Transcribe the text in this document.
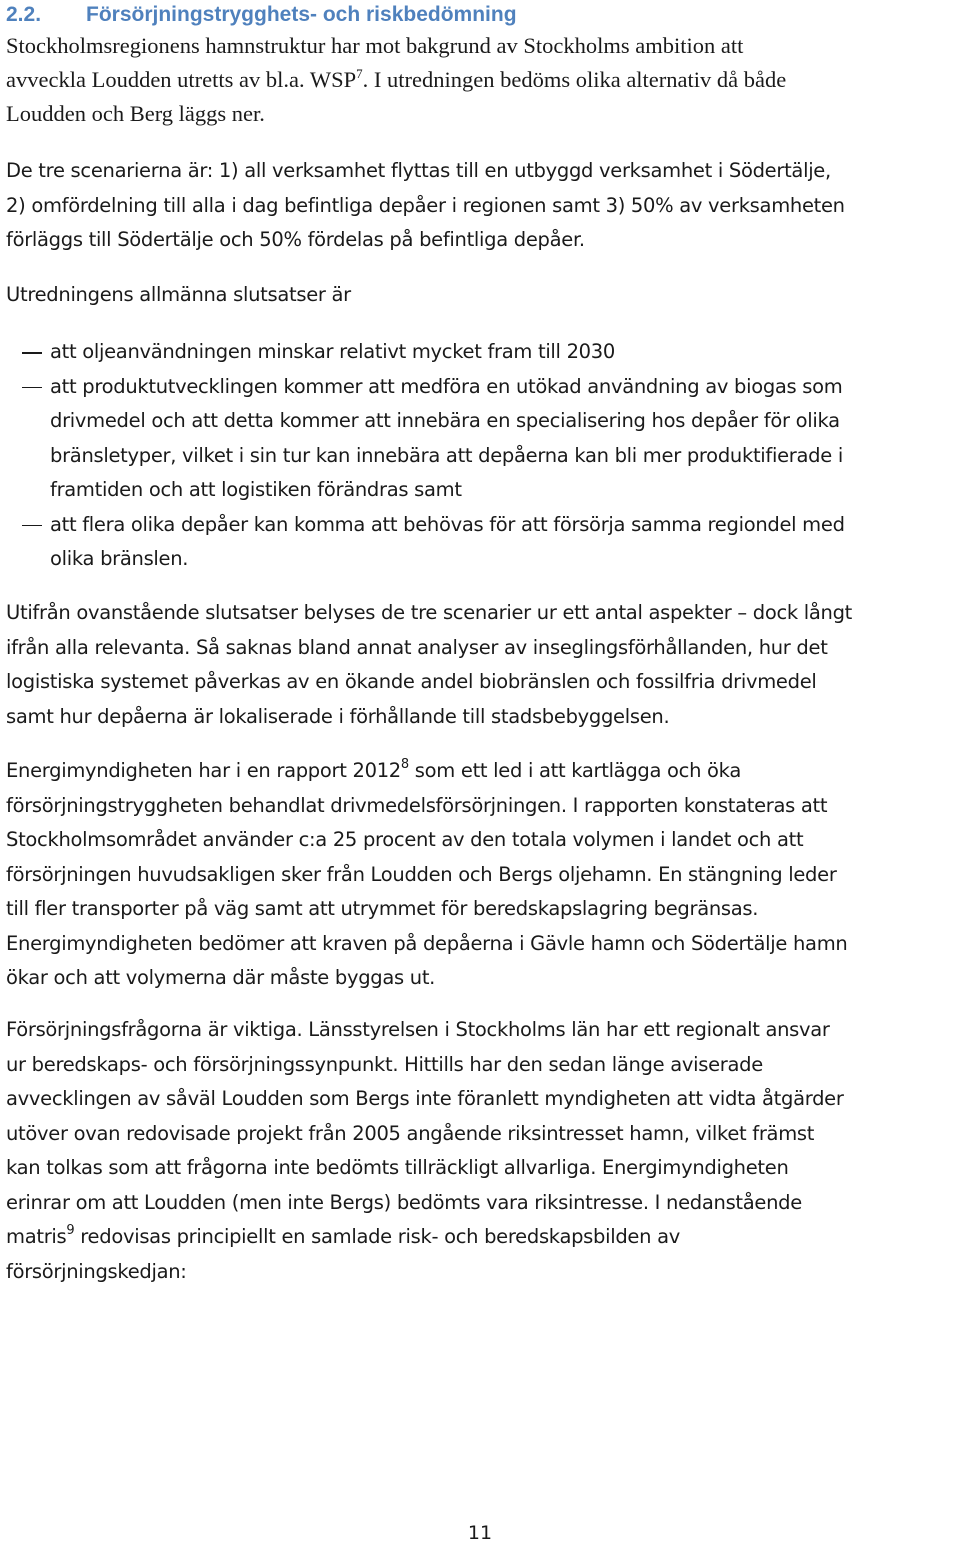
2.2. Försörjningstrygghets- och riskbedömning
Stockholmsregionens hamnstruktur har mot bakgrund av Stockholms ambition att
avveckla Loudden utretts av bl.a. WSP$^7$. I utredningen bedöms olika alternativ då både
Loudden och Berg läggs ner.
De tre scenarierna är: 1) all verksamhet flyttas till en utbyggd verksamhet i Södertälje,
2) omfördelning till alla i dag befintliga depåer i regionen samt 3) 50% av verksamheten
förläggs till Södertälje och 50% fördelas på befintliga depåer.
Utredningens allmänna slutsatser är
att oljeanvändningen minskar relativt mycket fram till 2030
att produktutvecklingen kommer att medföra en utökad användning av biogas som
drivmedel och att detta kommer att innebära en specialisering hos depåer för olika
bränsletyper, vilket i sin tur kan innebära att depåerna kan bli mer produktifierade i
framtiden och att logistiken förändras samt
att flera olika depåer kan komma att behövas för att försörja samma regiondel med
olika bränslen.
Utifrån ovanstående slutsatser belyses de tre scenarier ur ett antal aspekter – dock långt
ifrån alla relevanta. Så saknas bland annat analyser av inseglingsförhållanden, hur det
logistiska systemet påverkas av en ökande andel biobränslen och fossilfria drivmedel
samt hur depåerna är lokaliserade i förhållande till stadsbebyggelsen.
Energimyndigheten har i en rapport 2012$^8$ som ett led i att kartlägga och öka
försörjningstryggheten behandlat drivmedelsförsörjningen. I rapporten konstateras att
Stockholmsområdet använder c:a 25 procent av den totala volymen i landet och att
försörjningen huvudsakligen sker från Loudden och Bergs oljehamn. En stängning leder
till fler transporter på väg samt att utrymmet för beredskapslagring begränsas.
Energimyndigheten bedömer att kraven på depåerna i Gävle hamn och Södertälje hamn
ökar och att volymerna där måste byggas ut.
Försörjningsfrågorna är viktiga. Länsstyrelsen i Stockholms län har ett regionalt ansvar
ur beredskaps- och försörjningssynpunkt. Hittills har den sedan länge aviserade
avvecklingen av såväl Loudden som Bergs inte föranlett myndigheten att vidta åtgärder
utöver ovan redovisade projekt från 2005 angående riksintresset hamn, vilket främst
kan tolkas som att frågorna inte bedömts tillräckligt allvarliga. Energimyndigheten
erinrar om att Loudden (men inte Bergs) bedömts vara riksintresse. I nedanstående
matris$^9$ redovisas principiellt en samlade risk- och beredskapsbilden av
försörjningskedjan:
11
